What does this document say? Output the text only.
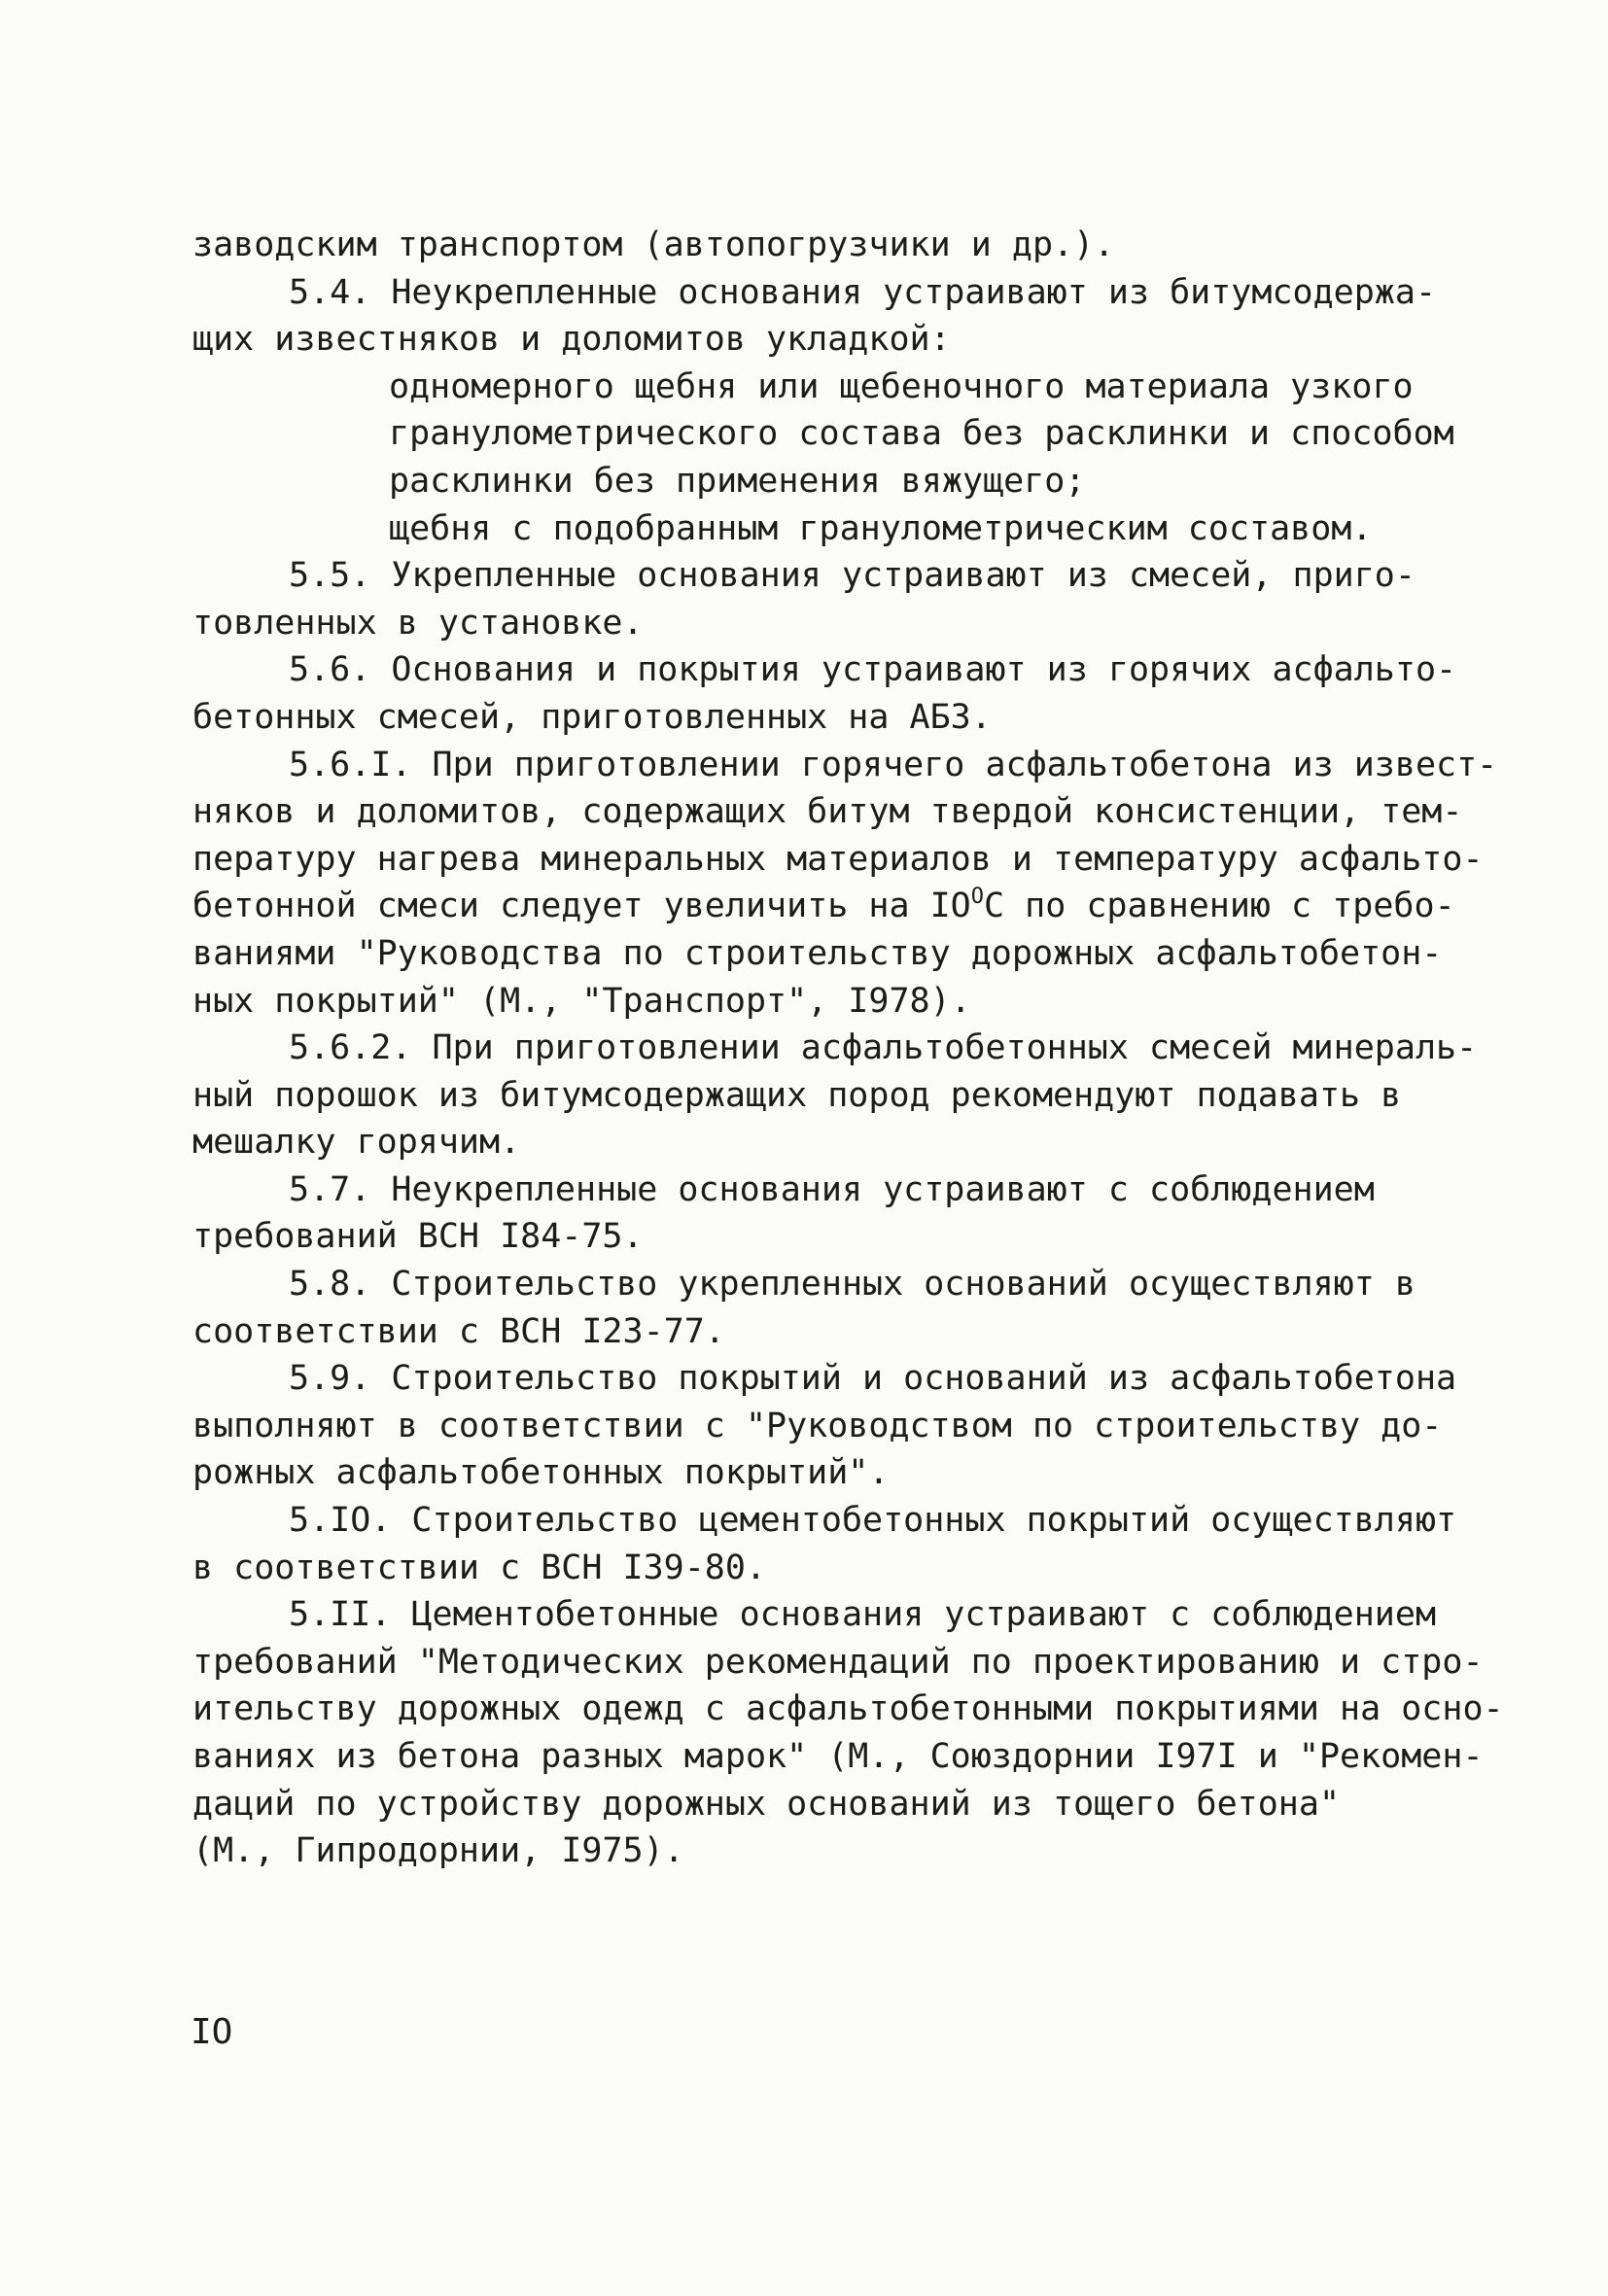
заводским транспортом (автопогрузчики и др.).
5.4. Неукрепленные основания устраивают из битумсодержа-
щих известняков и доломитов укладкой:
одномерного щебня или щебеночного материала узкого
гранулометрического состава без расклинки и способом
расклинки без применения вяжущего;
щебня с подобранным гранулометрическим составом.
5.5. Укрепленные основания устраивают из смесей, приго-
товленных в установке.
5.6. Основания и покрытия устраивают из горячих асфальто-
бетонных смесей, приготовленных на АБЗ.
5.6.I. При приготовлении горячего асфальтобетона из извест-
няков и доломитов, содержащих битум твердой консистенции, тем-
пературу нагрева минеральных материалов и температуру асфальто-
бетонной смеси следует увеличить на $IO^OС$ по сравнению с требо-
ваниями "Руководства по строительству дорожных асфальтобетон-
ных покрытий" (М., "Транспорт", I978).
5.6.2. При приготовлении асфальтобетонных смесей минераль-
ный порошок из битумсодержащих пород рекомендуют подавать в
мешалку горячим.
5.7. Неукрепленные основания устраивают с соблюдением
требований ВСН I84-75.
5.8. Строительство укрепленных оснований осуществляют в
соответствии с ВСН I23-77.
5.9. Строительство покрытий и оснований из асфальтобетона
выполняют в соответствии с "Руководством по строительству до-
рожных асфальтобетонных покрытий".
5.IO. Строительство цементобетонных покрытий осуществляют
в соответствии с ВСН I39-80.
5.II. Цементобетонные основания устраивают с соблюдением
требований "Методических рекомендаций по проектированию и стро-
ительству дорожных одежд с асфальтобетонными покрытиями на осно-
ваниях из бетона разных марок" (М., Союздорнии I97I и "Рекомен-
даций по устройству дорожных оснований из тощего бетона"
(М., Гипродорнии, I975).
IO
